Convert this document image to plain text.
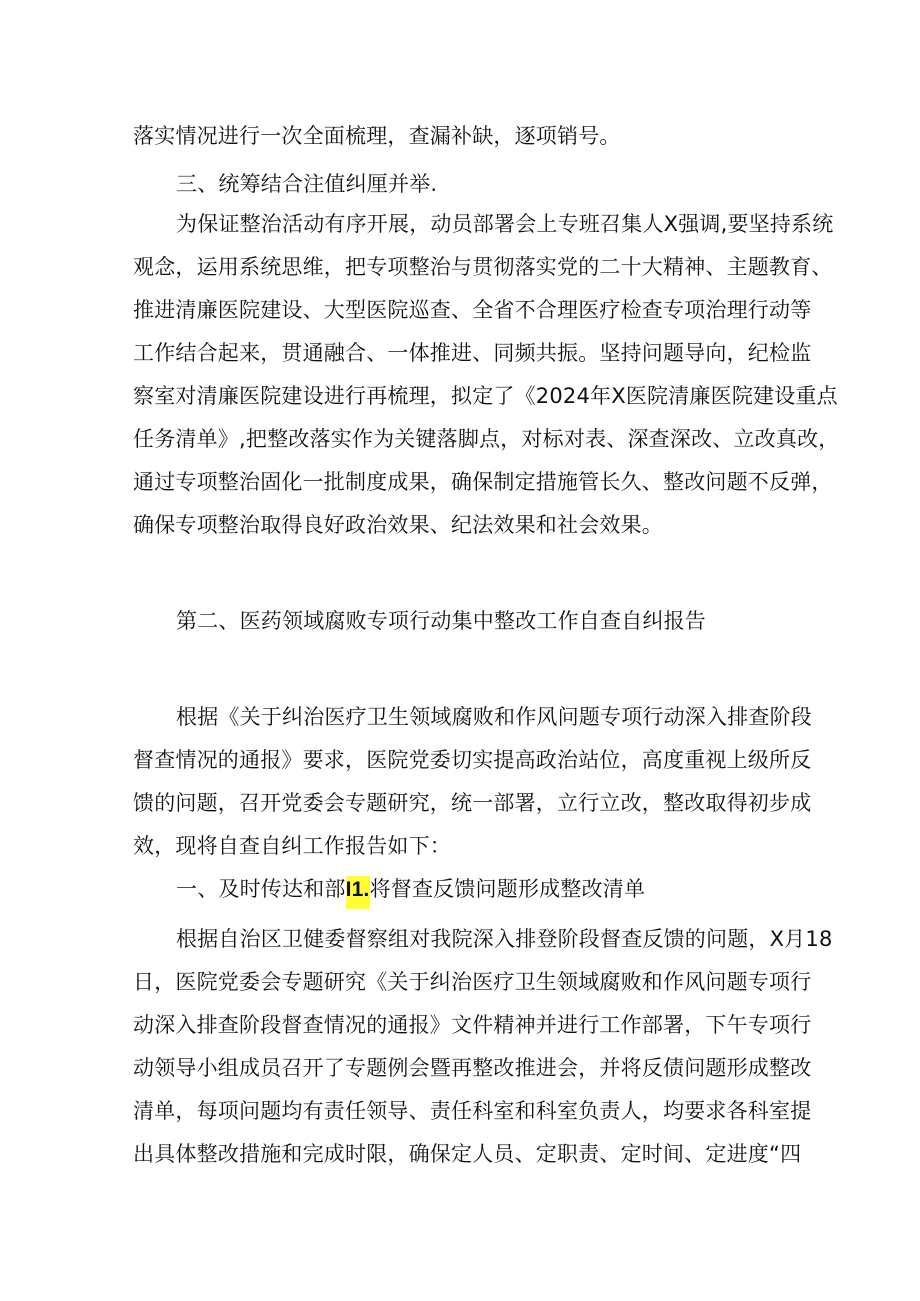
落实情况进行一次全面梳理，查漏补缺，逐项销号。
三、统筹结合注值纠厘并举.
为保证整治活动有序开展，动员部署会上专班召集人X强调,要坚持系统
观念，运用系统思维，把专项整治与贯彻落实党的二十大精神、主题教育、
推进清廉医院建设、大型医院巡查、全省不合理医疗检查专项治理行动等
工作结合起来，贯通融合、一体推进、同频共振。坚持问题导向，纪检监
察室对清廉医院建设进行再梳理，拟定了《2024年X医院清廉医院建设重点
任务清单》,把整改落实作为关键落脚点，对标对表、深查深改、立改真改，
通过专项整治固化一批制度成果，确保制定措施管长久、整改问题不反弹，
确保专项整治取得良好政治效果、纪法效果和社会效果。
第二、医药领域腐败专项行动集中整改工作自查自纠报告
根据《关于纠治医疗卫生领域腐败和作风问题专项行动深入排查阶段
督查情况的通报》要求，医院党委切实提高政治站位，高度重视上级所反
馈的问题，召开党委会专题研究，统一部署，立行立改，整改取得初步成
效，现将自查自纠工作报告如下：
一、及时传达和部I1.将督查反馈问题形成整改清单
根据自治区卫健委督察组对我院深入排登阶段督查反馈的问题，X月18
日，医院党委会专题研究《关于纠治医疗卫生领域腐败和作风问题专项行
动深入排查阶段督查情况的通报》文件精神并进行工作部署，下午专项行
动领导小组成员召开了专题例会暨再整改推进会，并将反债问题形成整改
清单，每项问题均有责任领导、责任科室和科室负责人，均要求各科室提
出具体整改措施和完成时限，确保定人员、定职责、定时间、定进度“四
